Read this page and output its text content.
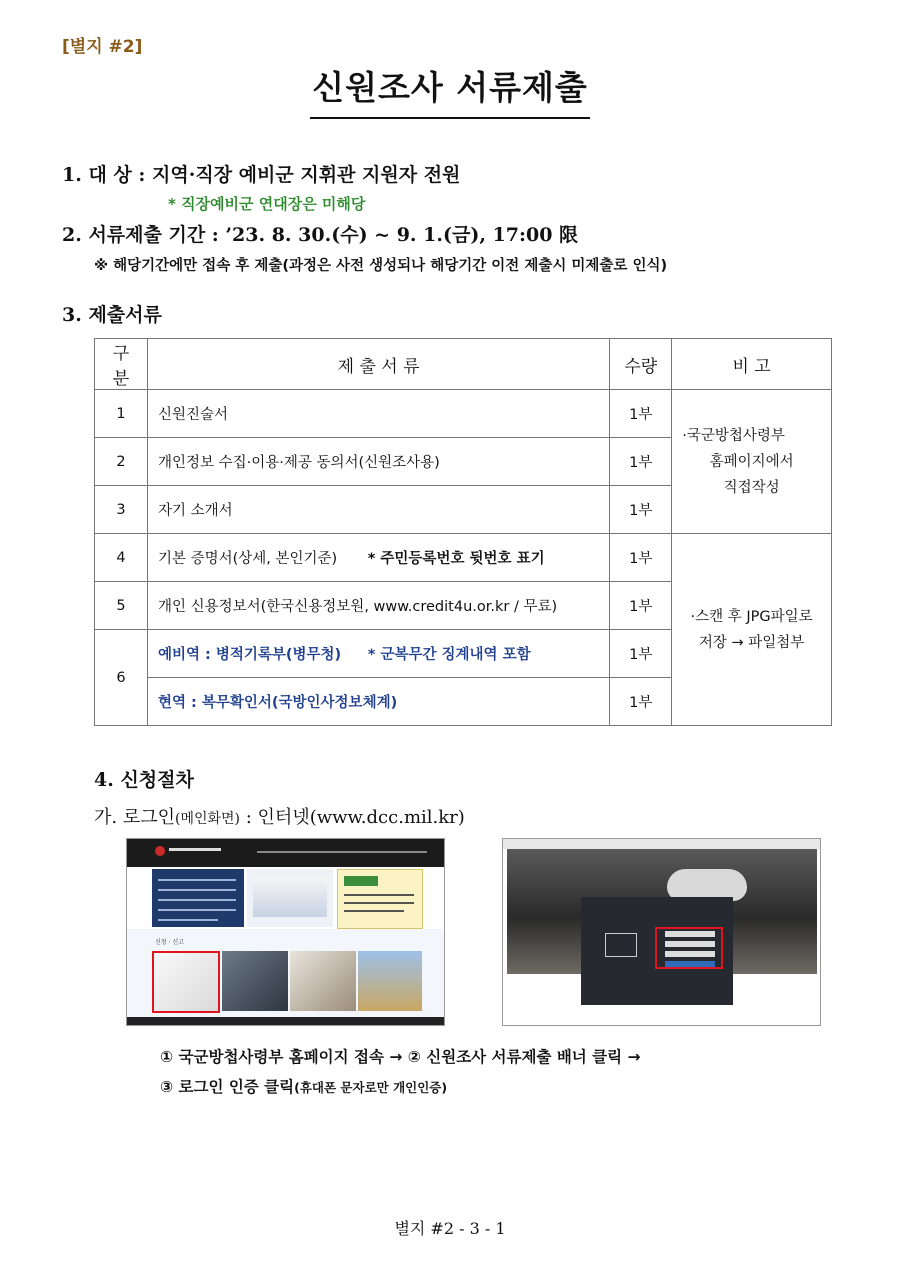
[별지 #2]
신원조사 서류제출
1. 대 상 : 지역·직장 예비군 지휘관 지원자 전원
* 직장예비군 연대장은 미해당
2. 서류제출 기간 : ’23. 8. 30.(수) ~ 9. 1.(금), 17:00 限
※ 해당기간에만 접속 후 제출(과정은 사전 생성되나 해당기간 이전 제출시 미제출로 인식)
3. 제출서류
구분	제 출 서 류	수량	비 고
1	신원진술서	1부	·국군방첩사령부
홈페이지에서
직접작성

2	개인정보 수집·이용·제공 동의서(신원조사용)	1부	
3	자기 소개서	1부	
4	기본 증명서(상세, 본인기준) * 주민등록번호 뒷번호 표기	1부	·스캔 후 JPG파일로
저장 → 파일첨부

5	개인 신용정보서(한국신용정보원, www.credit4u.or.kr / 무료)	1부	
6	예비역 : 병적기록부(병무청) * 군복무간 징계내역 포함	1부	
	현역 : 복무확인서(국방인사정보체계)	1부	
4. 신청절차
가. 로그인(메인화면) : 인터넷(www.dcc.mil.kr)
신청 · 신고
① 국군방첩사령부 홈페이지 접속 → ② 신원조사 서류제출 배너 클릭 →
③ 로그인 인증 클릭(휴대폰 문자로만 개인인증)
별지 #2 - 3 - 1
